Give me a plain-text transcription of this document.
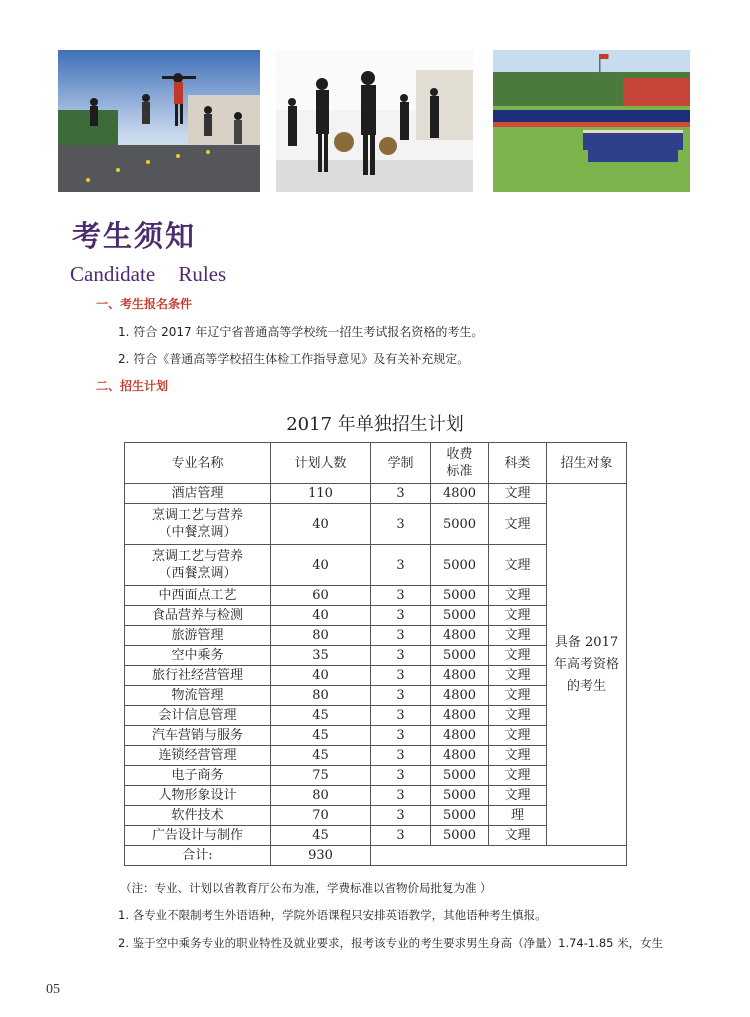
考生须知
Candidate Rules
一、考生报名条件
1. 符合 2017 年辽宁省普通高等学校统一招生考试报名资格的考生。
2. 符合《普通高等学校招生体检工作指导意见》及有关补充规定。
二、招生计划
2017 年单独招生计划
专业名称	计划人数	学制	收费
标准	科类	招生对象
酒店管理	110	3	4800	文理	具备 2017 年高考资格的考生
烹调工艺与营养
（中餐烹调）	40	3	5000	文理	
烹调工艺与营养
（西餐烹调）	40	3	5000	文理	
中西面点工艺	60	3	5000	文理	
食品营养与检测	40	3	5000	文理	
旅游管理	80	3	4800	文理	
空中乘务	35	3	5000	文理	
旅行社经营管理	40	3	4800	文理	
物流管理	80	3	4800	文理	
会计信息管理	45	3	4800	文理	
汽车营销与服务	45	3	4800	文理	
连锁经营管理	45	3	4800	文理	
电子商务	75	3	5000	文理	
人物形象设计	80	3	5000	文理	
软件技术	70	3	5000	理	
广告设计与制作	45	3	5000	文理	
合计:	930				
（注：专业、计划以省教育厅公布为准，学费标准以省物价局批复为准 ）
1. 各专业不限制考生外语语种，学院外语课程只安排英语教学，其他语种考生慎报。
2. 鉴于空中乘务专业的职业特性及就业要求，报考该专业的考生要求男生身高（净量）1.74-1.85 米，女生
05
